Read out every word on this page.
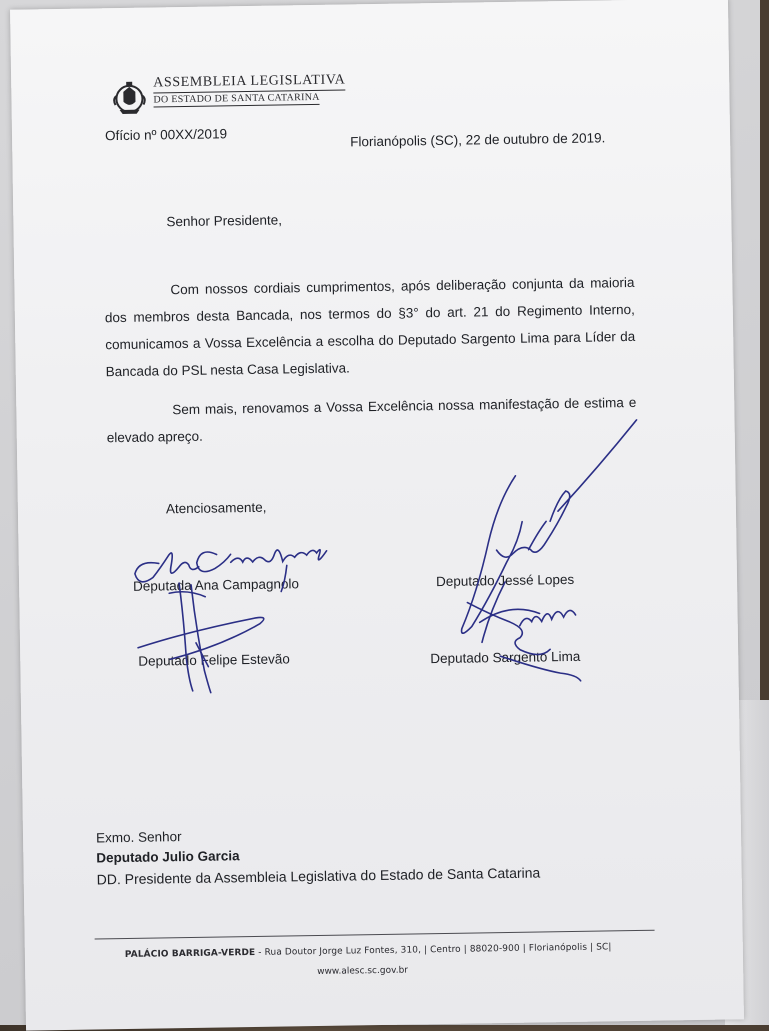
ASSEMBLEIA LEGISLATIVA
DO ESTADO DE SANTA CATARINA
Ofício nº 00XX/2019	Florianópolis (SC), 22 de outubro de 2019.
Senhor Presidente,

Com nossos cordiais cumprimentos, após deliberação conjunta da maioria dos membros desta Bancada, nos termos do §3° do art. 21 do Regimento Interno, comunicamos a Vossa Excelência a escolha do Deputado Sargento Lima para Líder da Bancada do PSL nesta Casa Legislativa.

Sem mais, renovamos a Vossa Excelência nossa manifestação de estima e elevado apreço.

Atenciosamente,
Deputada Ana Campagnolo	Deputado Jessé Lopes
Deputado Felipe Estevão	Deputado Sargento Lima
Exmo. Senhor
Deputado Julio Garcia
DD. Presidente da Assembleia Legislativa do Estado de Santa Catarina
PALÁCIO BARRIGA-VERDE - Rua Doutor Jorge Luz Fontes, 310, | Centro | 88020-900 | Florianópolis | SC|
www.alesc.sc.gov.br
